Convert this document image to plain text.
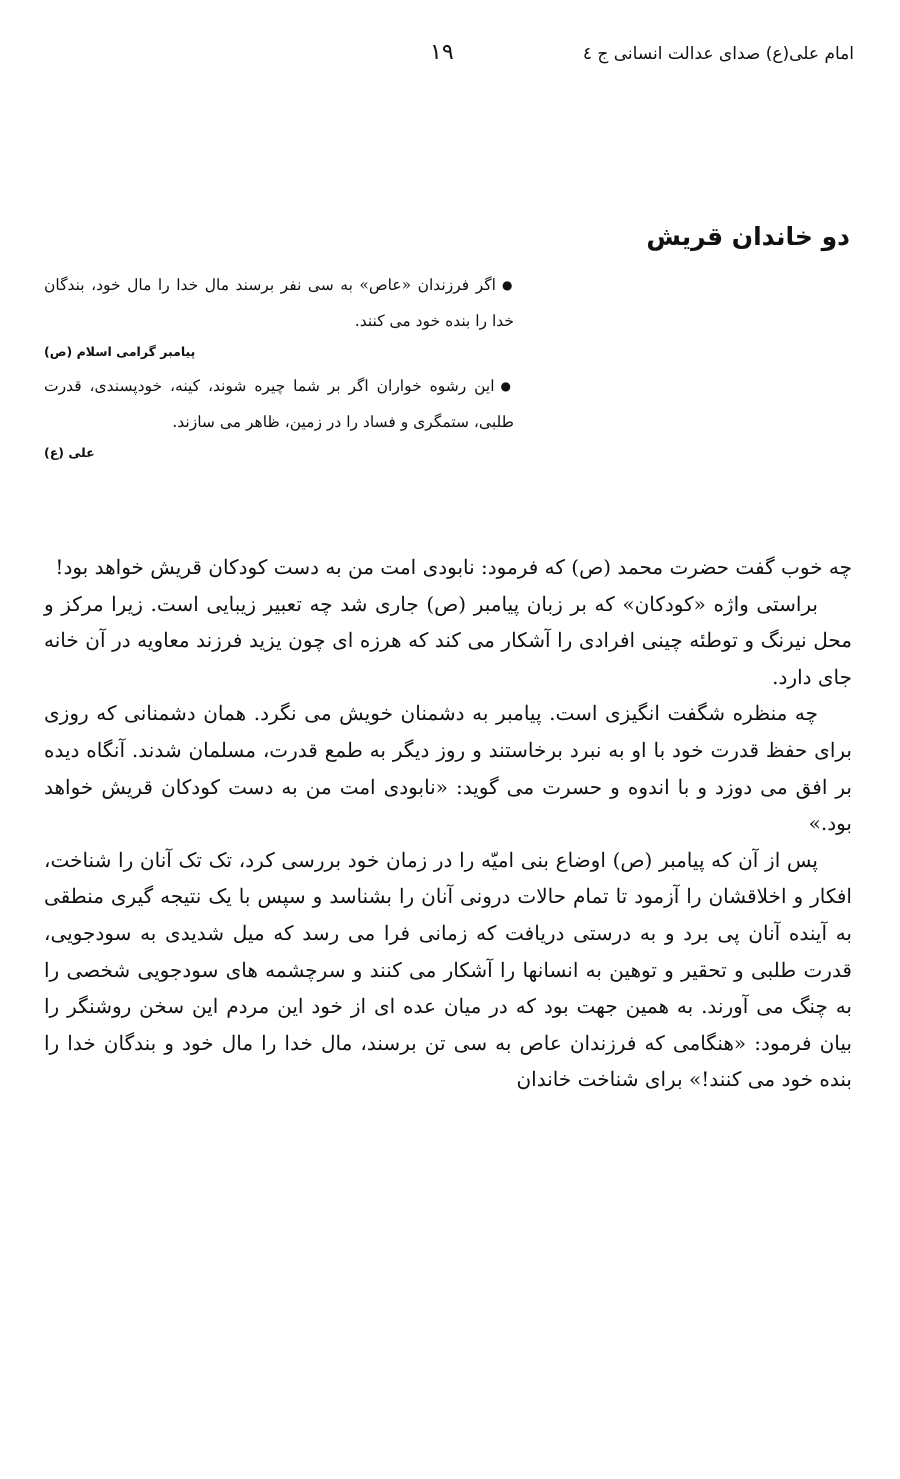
امام علی(ع) صدای عدالت انسانی ج ٤
١٩
دو خاندان قریش

●اگر فرزندان «عاص» به سی نفر برسند مال خدا را مال خود، بندگان خدا را بنده خود می کنند.

پیامبر گرامی اسلام (ص)

●این رشوه خواران اگر بر شما چیره شوند، کینه، خودپسندی، قدرت طلبی، ستمگری و فساد را در زمین، ظاهر می سازند.

علی (ع)

چه خوب گفت حضرت محمد (ص) که فرمود: نابودی امت من به دست کودکان قریش خواهد بود!

براستی واژه «کودکان» که بر زبان پیامبر (ص) جاری شد چه تعبیر زیبایی است. زیرا مرکز و محل نیرنگ و توطئه چینی افرادی را آشکار می کند که هرزه ای چون یزید فرزند معاویه در آن خانه جای دارد.

چه منظره شگفت انگیزی است. پیامبر به دشمنان خویش می نگرد. همان دشمنانی که روزی برای حفظ قدرت خود با او به نبرد برخاستند و روز دیگر به طمع قدرت، مسلمان شدند. آنگاه دیده بر افق می دوزد و با اندوه و حسرت می گوید: «نابودی امت من به دست کودکان قریش خواهد بود.»

پس از آن که پیامبر (ص) اوضاع بنی امیّه را در زمان خود بررسی کرد، تک تک آنان را شناخت، افکار و اخلاقشان را آزمود تا تمام حالات درونی آنان را بشناسد و سپس با یک نتیجه گیری منطقی به آینده آنان پی برد و به درستی دریافت که زمانی فرا می رسد که میل شدیدی به سودجویی، قدرت طلبی و تحقیر و توهین به انسانها را آشکار می کنند و سرچشمه های سودجویی شخصی را به چنگ می آورند. به همین جهت بود که در میان عده ای از خود این مردم این سخن روشنگر را بیان فرمود: «هنگامی که فرزندان عاص به سی تن برسند، مال خدا را مال خود و بندگان خدا را بنده خود می کنند!» برای شناخت خاندان
